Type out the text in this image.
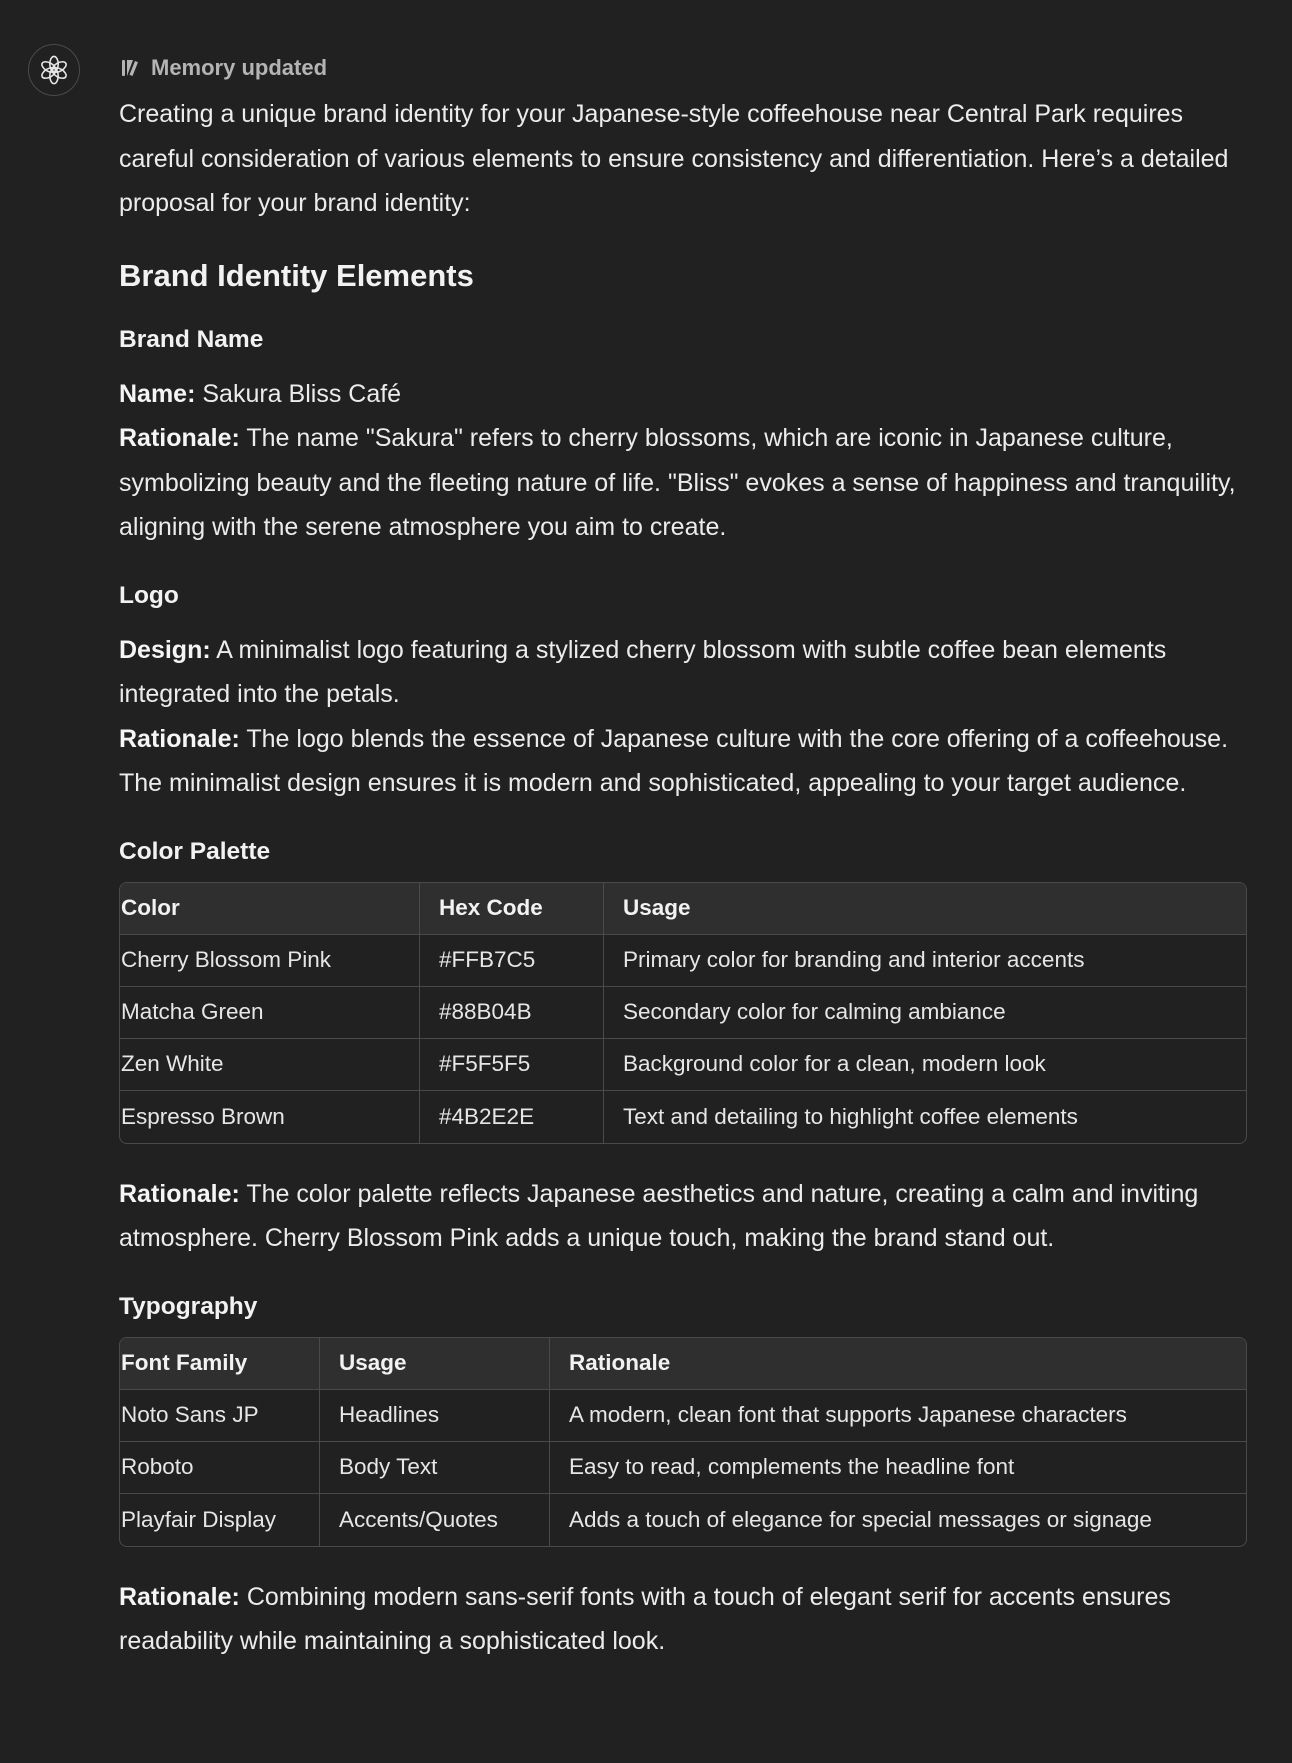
Memory updated

Creating a unique brand identity for your Japanese-style coffeehouse near Central Park requires careful consideration of various elements to ensure consistency and differentiation. Here’s a detailed proposal for your brand identity:

Brand Identity Elements
Brand Name

Name: Sakura Bliss Café
Rationale: The name "Sakura" refers to cherry blossoms, which are iconic in Japanese culture, symbolizing beauty and the fleeting nature of life. "Bliss" evokes a sense of happiness and tranquility, aligning with the serene atmosphere you aim to create.

Logo

Design: A minimalist logo featuring a stylized cherry blossom with subtle coffee bean elements integrated into the petals.
Rationale: The logo blends the essence of Japanese culture with the core offering of a coffeehouse. The minimalist design ensures it is modern and sophisticated, appealing to your target audience.

Color Palette
Color	Hex Code	Usage
Cherry Blossom Pink	#FFB7C5	Primary color for branding and interior accents
Matcha Green	#88B04B	Secondary color for calming ambiance
Zen White	#F5F5F5	Background color for a clean, modern look
Espresso Brown	#4B2E2E	Text and detailing to highlight coffee elements

Rationale: The color palette reflects Japanese aesthetics and nature, creating a calm and inviting atmosphere. Cherry Blossom Pink adds a unique touch, making the brand stand out.

Typography
Font Family	Usage	Rationale
Noto Sans JP	Headlines	A modern, clean font that supports Japanese characters
Roboto	Body Text	Easy to read, complements the headline font
Playfair Display	Accents/Quotes	Adds a touch of elegance for special messages or signage

Rationale: Combining modern sans-serif fonts with a touch of elegant serif for accents ensures readability while maintaining a sophisticated look.
